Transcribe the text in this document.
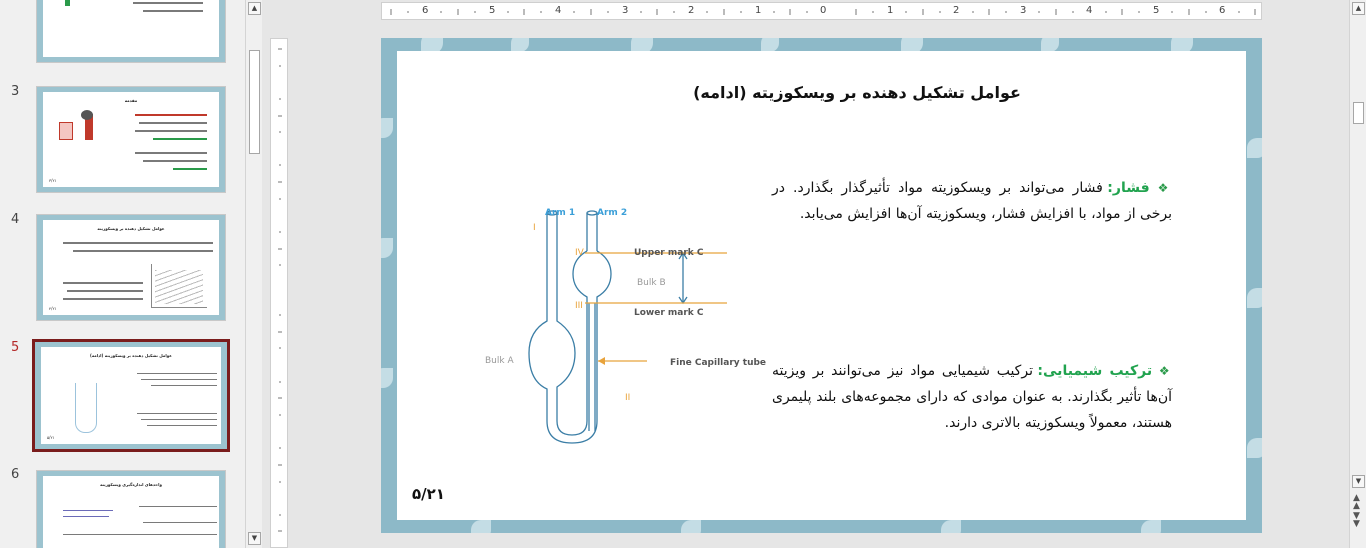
3
مقدمه
۳/۲۱
4
عوامل تشکیل دهنده بر ویسکوزیته
۴/۲۱
5
عوامل تشکیل دهنده بر ویسکوزیته (ادامه)
۵/۲۱
6
واحدهای اندازه‌گیری ویسکوزیته
▲
▼
6	5	4	3	2	1	0	1	2	3	4	5	6
عوامل تشکیل دهنده بر ویسکوزیته (ادامه)
Arm 1 Arm 2
I
IV
III
II
Upper mark C
Lower mark C
Bulk B
Bulk A	Fine Capillary tube
❖ فشار: فشار می‌تواند بر ویسکوزیته مواد تأثیرگذار بگذارد. در برخی از مواد، با افزایش فشار، ویسکوزیته آن‌ها افزایش می‌یابد.
❖ ترکیب شیمیایی: ترکیب شیمیایی مواد نیز می‌توانند بر ویزیته آن‌ها تأثیر بگذارند. به عنوان موادی که دارای مجموعه‌های بلند پلیمری هستند، معمولاً ویسکوزیته بالاتری دارند.
۵/۲۱
▲
▼
▲
▲
▼
▼
